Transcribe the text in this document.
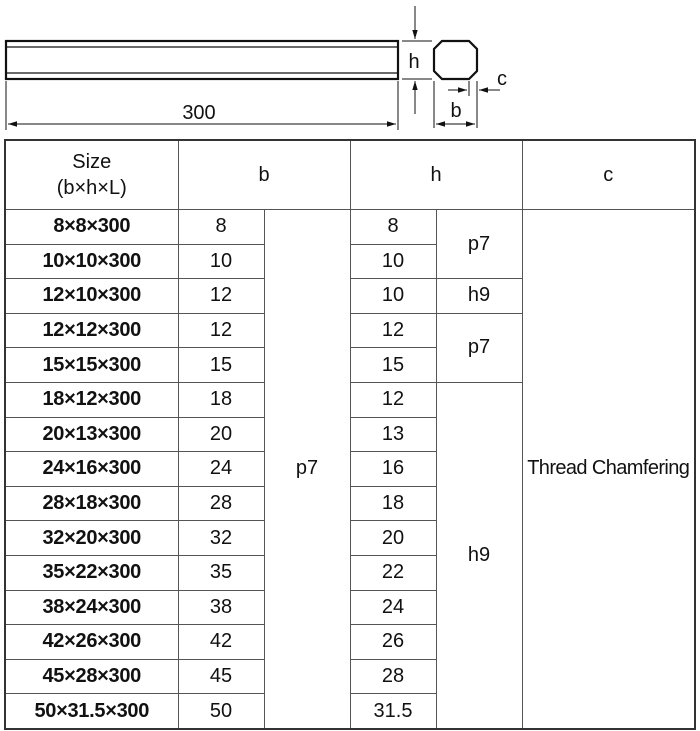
300
h
b
c
Size
(b×h×L)	b		h		c
8×8×300	8	p7	8	p7	Thread Chamfering
10×10×300	10		10		
12×10×300	12		10	h9	
12×12×300	12		12	p7	
15×15×300	15		15		
18×12×300	18		12	h9	
20×13×300	20		13		
24×16×300	24		16		
28×18×300	28		18		
32×20×300	32		20		
35×22×300	35		22		
38×24×300	38		24		
42×26×300	42		26		
45×28×300	45		28		
50×31.5×300	50		31.5		
